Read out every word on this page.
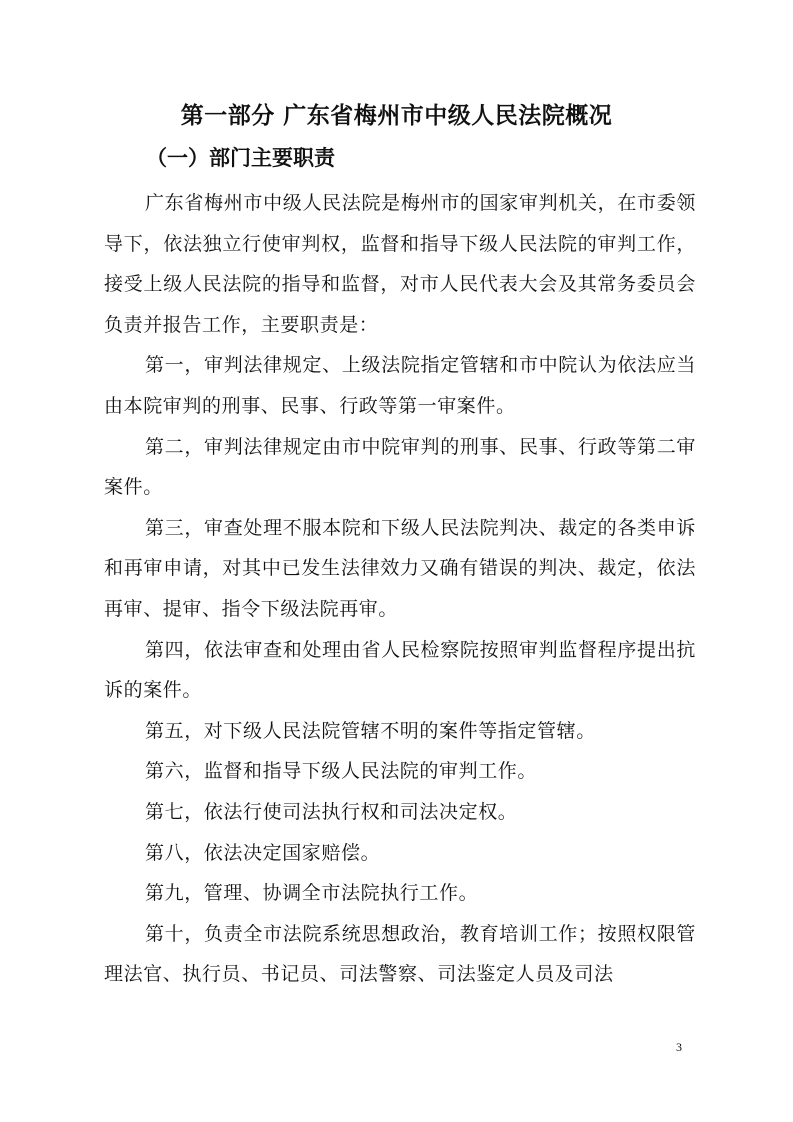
第一部分 广东省梅州市中级人民法院概况
（一）部门主要职责

广东省梅州市中级人民法院是梅州市的国家审判机关，在市委领导下，依法独立行使审判权，监督和指导下级人民法院的审判工作，接受上级人民法院的指导和监督，对市人民代表大会及其常务委员会负责并报告工作，主要职责是：

第一，审判法律规定、上级法院指定管辖和市中院认为依法应当由本院审判的刑事、民事、行政等第一审案件。

第二，审判法律规定由市中院审判的刑事、民事、行政等第二审案件。

第三，审查处理不服本院和下级人民法院判决、裁定的各类申诉和再审申请，对其中已发生法律效力又确有错误的判决、裁定，依法再审、提审、指令下级法院再审。

第四，依法审查和处理由省人民检察院按照审判监督程序提出抗诉的案件。

第五，对下级人民法院管辖不明的案件等指定管辖。

第六，监督和指导下级人民法院的审判工作。

第七，依法行使司法执行权和司法决定权。

第八，依法决定国家赔偿。

第九，管理、协调全市法院执行工作。

第十，负责全市法院系统思想政治，教育培训工作；按照权限管理法官、执行员、书记员、司法警察、司法鉴定人员及司法

3
